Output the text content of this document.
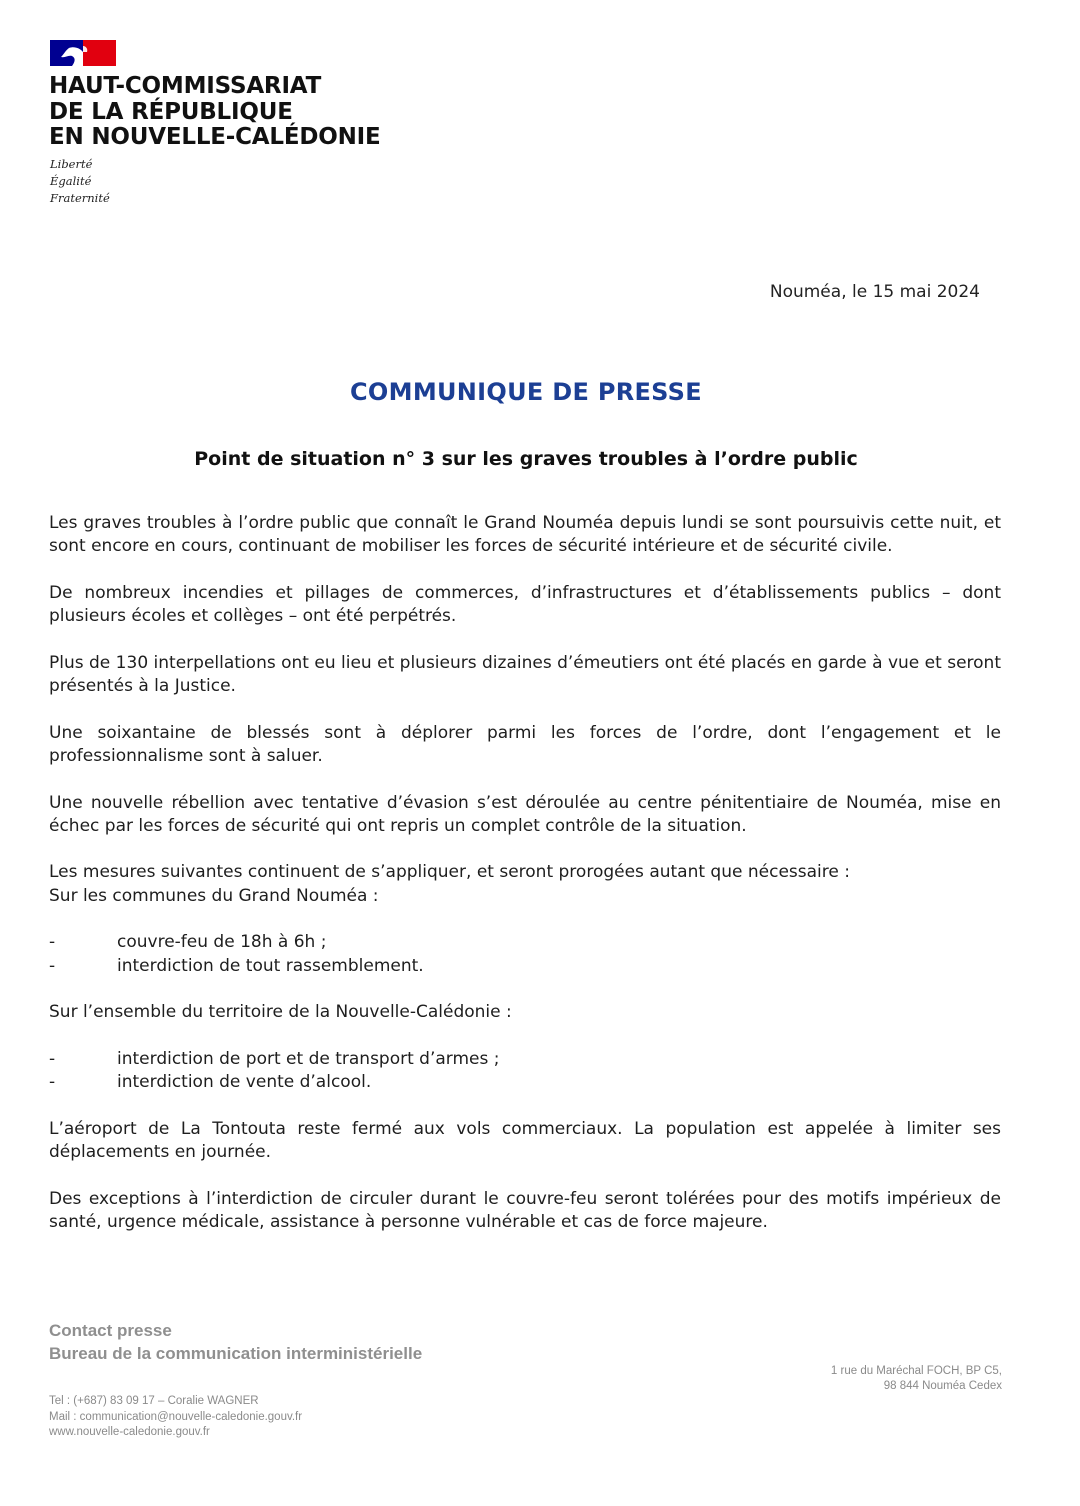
HAUT-COMMISSARIAT
DE LA RÉPUBLIQUE
EN NOUVELLE-CALÉDONIE
Liberté
Égalité
Fraternité
Nouméa, le 15 mai 2024
COMMUNIQUE DE PRESSE
Point de situation n° 3 sur les graves troubles à l’ordre public

Les graves troubles à l’ordre public que connaît le Grand Nouméa depuis lundi se sont poursuivis cette nuit, et sont encore en cours, continuant de mobiliser les forces de sécurité intérieure et de sécurité civile.

De nombreux incendies et pillages de commerces, d’infrastructures et d’établissements publics – dont plusieurs écoles et collèges – ont été perpétrés.

Plus de 130 interpellations ont eu lieu et plusieurs dizaines d’émeutiers ont été placés en garde à vue et seront présentés à la Justice.

Une soixantaine de blessés sont à déplorer parmi les forces de l’ordre, dont l’engagement et le professionnalisme sont à saluer.

Une nouvelle rébellion avec tentative d’évasion s’est déroulée au centre pénitentiaire de Nouméa, mise en échec par les forces de sécurité qui ont repris un complet contrôle de la situation.

Les mesures suivantes continuent de s’appliquer, et seront prorogées autant que nécessaire :

Sur les communes du Grand Nouméa :

-	couvre-feu de 18h à 6h ;
-	interdiction de tout rassemblement.

Sur l’ensemble du territoire de la Nouvelle-Calédonie :

-	interdiction de port et de transport d’armes ;
-	interdiction de vente d’alcool.

L’aéroport de La Tontouta reste fermé aux vols commerciaux. La population est appelée à limiter ses déplacements en journée.

Des exceptions à l’interdiction de circuler durant le couvre-feu seront tolérées pour des motifs impérieux de santé, urgence médicale, assistance à personne vulnérable et cas de force majeure.

Contact presse
Bureau de la communication interministérielle
1 rue du Maréchal FOCH, BP C5,
98 844 Nouméa Cedex
Tel : (+687) 83 09 17 – Coralie WAGNER
Mail : communication@nouvelle-caledonie.gouv.fr
www.nouvelle-caledonie.gouv.fr
